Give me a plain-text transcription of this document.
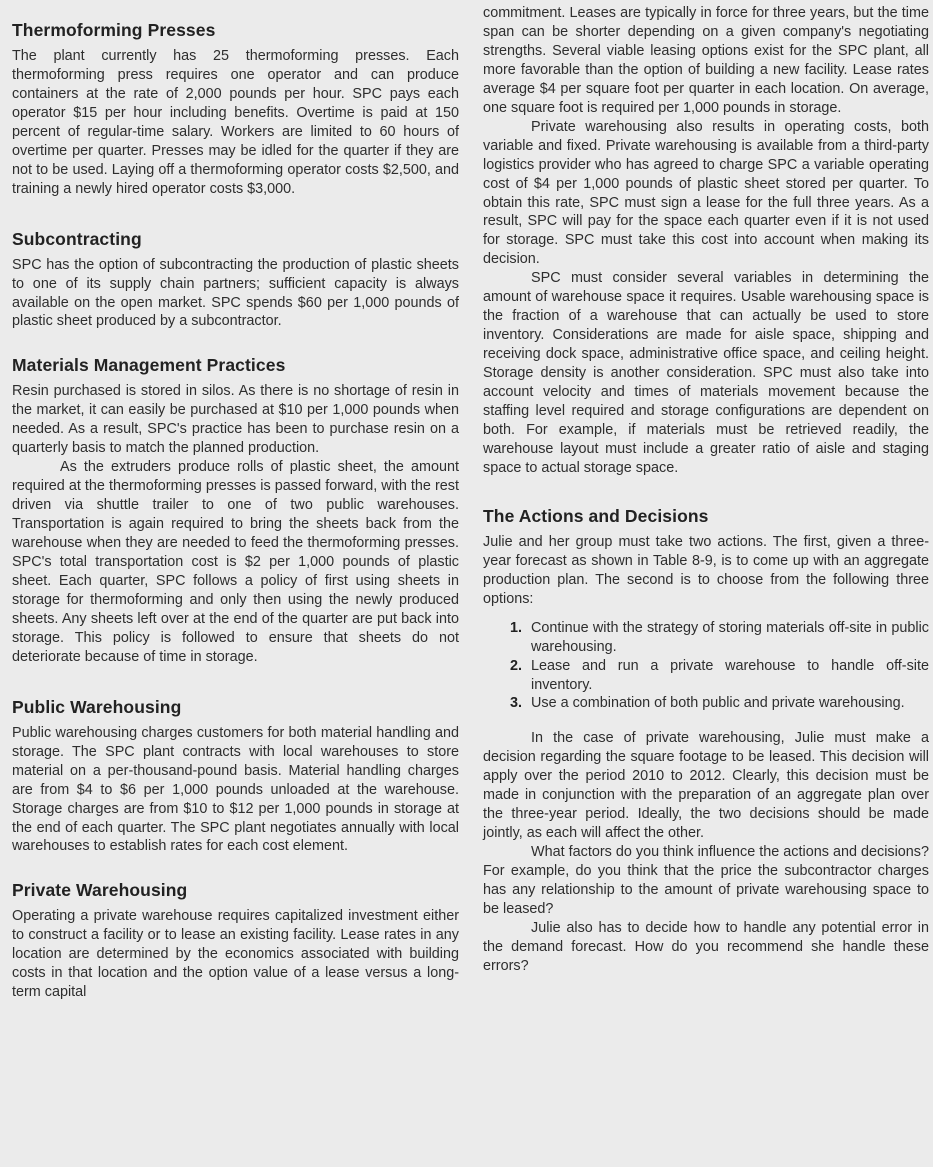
Thermoforming Presses

The plant currently has 25 thermoforming presses. Each thermoforming press requires one operator and can produce containers at the rate of 2,000 pounds per hour. SPC pays each operator $15 per hour including benefits. Overtime is paid at 150 percent of regular-time salary. Workers are limited to 60 hours of overtime per quarter. Presses may be idled for the quarter if they are not to be used. Laying off a thermoforming operator costs $2,500, and training a newly hired operator costs $3,000.

Subcontracting

SPC has the option of subcontracting the production of plastic sheets to one of its supply chain partners; sufficient capacity is always available on the open market. SPC spends $60 per 1,000 pounds of plastic sheet produced by a subcontractor.

Materials Management Practices

Resin purchased is stored in silos. As there is no shortage of resin in the market, it can easily be purchased at $10 per 1,000 pounds when needed. As a result, SPC's practice has been to purchase resin on a quarterly basis to match the planned production.

As the extruders produce rolls of plastic sheet, the amount required at the thermoforming presses is passed forward, with the rest driven via shuttle trailer to one of two public warehouses. Transportation is again required to bring the sheets back from the warehouse when they are needed to feed the thermoforming presses. SPC's total transportation cost is $2 per 1,000 pounds of plastic sheet. Each quarter, SPC follows a policy of first using sheets in storage for thermoforming and only then using the newly produced sheets. Any sheets left over at the end of the quarter are put back into storage. This policy is followed to ensure that sheets do not deteriorate because of time in storage.

Public Warehousing

Public warehousing charges customers for both material handling and storage. The SPC plant contracts with local warehouses to store material on a per-thousand-pound basis. Material handling charges are from $4 to $6 per 1,000 pounds unloaded at the warehouse. Storage charges are from $10 to $12 per 1,000 pounds in storage at the end of each quarter. The SPC plant negotiates annually with local warehouses to establish rates for each cost element.

Private Warehousing

Operating a private warehouse requires capitalized investment either to construct a facility or to lease an existing facility. Lease rates in any location are determined by the economics associated with building costs in that location and the option value of a lease versus a long-term capital

commitment. Leases are typically in force for three years, but the time span can be shorter depending on a given company's negotiating strengths. Several viable leasing options exist for the SPC plant, all more favorable than the option of building a new facility. Lease rates average $4 per square foot per quarter in each location. On average, one square foot is required per 1,000 pounds in storage.

Private warehousing also results in operating costs, both variable and fixed. Private warehousing is available from a third-party logistics provider who has agreed to charge SPC a variable operating cost of $4 per 1,000 pounds of plastic sheet stored per quarter. To obtain this rate, SPC must sign a lease for the full three years. As a result, SPC will pay for the space each quarter even if it is not used for storage. SPC must take this cost into account when making its decision.

SPC must consider several variables in determining the amount of warehouse space it requires. Usable warehousing space is the fraction of a warehouse that can actually be used to store inventory. Considerations are made for aisle space, shipping and receiving dock space, administrative office space, and ceiling height. Storage density is another consideration. SPC must also take into account velocity and times of materials movement because the staffing level required and storage configurations are dependent on both. For example, if materials must be retrieved readily, the warehouse layout must include a greater ratio of aisle and staging space to actual storage space.

The Actions and Decisions

Julie and her group must take two actions. The first, given a three-year forecast as shown in Table 8-9, is to come up with an aggregate production plan. The second is to choose from the following three options:

1. Continue with the strategy of storing materials off-site in public warehousing.
2. Lease and run a private warehouse to handle off-site inventory.
3. Use a combination of both public and private warehousing.

In the case of private warehousing, Julie must make a decision regarding the square footage to be leased. This decision will apply over the period 2010 to 2012. Clearly, this decision must be made in conjunction with the preparation of an aggregate plan over the three-year period. Ideally, the two decisions should be made jointly, as each will affect the other.

What factors do you think influence the actions and decisions? For example, do you think that the price the subcontractor charges has any relationship to the amount of private warehousing space to be leased?

Julie also has to decide how to handle any potential error in the demand forecast. How do you recommend she handle these errors?
